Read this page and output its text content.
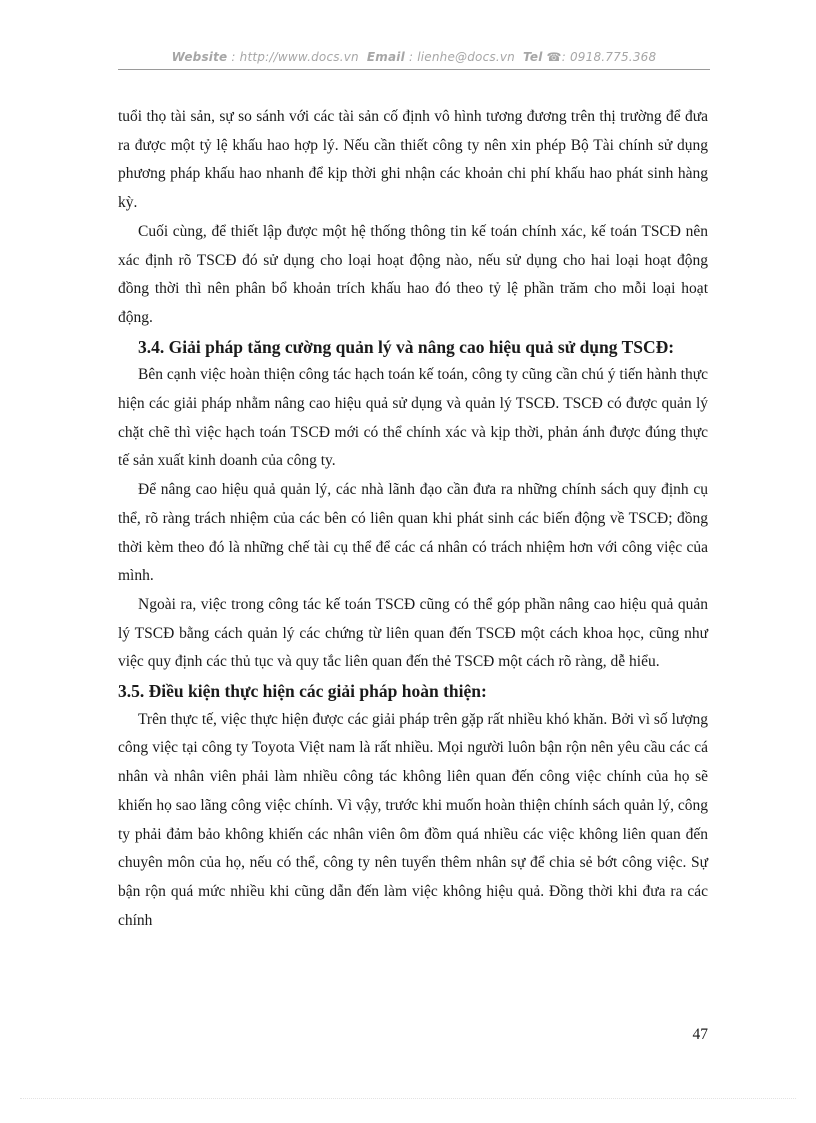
Website : http://www.docs.vn Email : lienhe@docs.vn Tel ☎: 0918.775.368

tuổi thọ tài sản, sự so sánh với các tài sản cố định vô hình tương đương trên thị trường để đưa ra được một tỷ lệ khấu hao hợp lý. Nếu cần thiết công ty nên xin phép Bộ Tài chính sử dụng phương pháp khấu hao nhanh để kịp thời ghi nhận các khoản chi phí khấu hao phát sinh hàng kỳ.

Cuối cùng, để thiết lập được một hệ thống thông tin kế toán chính xác, kế toán TSCĐ nên xác định rõ TSCĐ đó sử dụng cho loại hoạt động nào, nếu sử dụng cho hai loại hoạt động đồng thời thì nên phân bổ khoản trích khấu hao đó theo tỷ lệ phần trăm cho mỗi loại hoạt động.

3.4. Giải pháp tăng cường quản lý và nâng cao hiệu quả sử dụng TSCĐ:

Bên cạnh việc hoàn thiện công tác hạch toán kế toán, công ty cũng cần chú ý tiến hành thực hiện các giải pháp nhằm nâng cao hiệu quả sử dụng và quản lý TSCĐ. TSCĐ có được quản lý chặt chẽ thì việc hạch toán TSCĐ mới có thể chính xác và kịp thời, phản ánh được đúng thực tế sản xuất kinh doanh của công ty.

Để nâng cao hiệu quả quản lý, các nhà lãnh đạo cần đưa ra những chính sách quy định cụ thể, rõ ràng trách nhiệm của các bên có liên quan khi phát sinh các biến động về TSCĐ; đồng thời kèm theo đó là những chế tài cụ thể để các cá nhân có trách nhiệm hơn với công việc của mình.

Ngoài ra, việc trong công tác kế toán TSCĐ cũng có thể góp phần nâng cao hiệu quả quản lý TSCĐ bằng cách quản lý các chứng từ liên quan đến TSCĐ một cách khoa học, cũng như việc quy định các thủ tục và quy tắc liên quan đến thẻ TSCĐ một cách rõ ràng, dễ hiểu.

3.5. Điều kiện thực hiện các giải pháp hoàn thiện:

Trên thực tế, việc thực hiện được các giải pháp trên gặp rất nhiều khó khăn. Bởi vì số lượng công việc tại công ty Toyota Việt nam là rất nhiều. Mọi người luôn bận rộn nên yêu cầu các cá nhân và nhân viên phải làm nhiều công tác không liên quan đến công việc chính của họ sẽ khiến họ sao lãng công việc chính. Vì vậy, trước khi muốn hoàn thiện chính sách quản lý, công ty phải đảm bảo không khiến các nhân viên ôm đồm quá nhiều các việc không liên quan đến chuyên môn của họ, nếu có thể, công ty nên tuyển thêm nhân sự để chia sẻ bớt công việc. Sự bận rộn quá mức nhiều khi cũng dẫn đến làm việc không hiệu quả. Đồng thời khi đưa ra các chính

47
